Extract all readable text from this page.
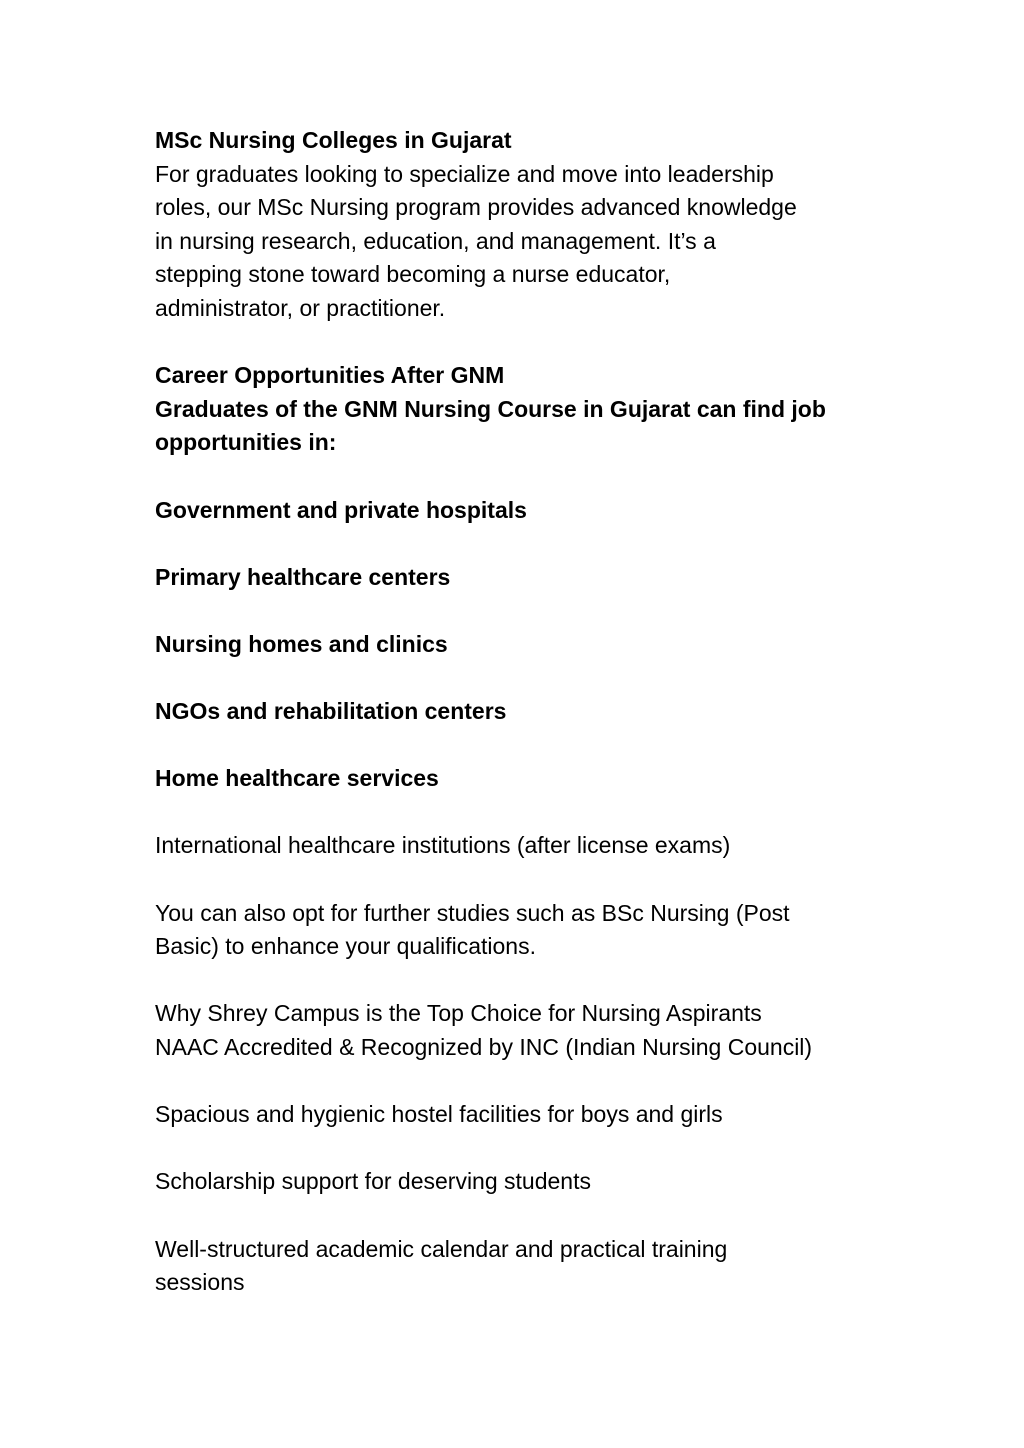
MSc Nursing Colleges in Gujarat

For graduates looking to specialize and move into leadership

roles, our MSc Nursing program provides advanced knowledge

in nursing research, education, and management. It’s a

stepping stone toward becoming a nurse educator,

administrator, or practitioner.

Career Opportunities After GNM

Graduates of the GNM Nursing Course in Gujarat can find job

opportunities in:

Government and private hospitals

Primary healthcare centers

Nursing homes and clinics

NGOs and rehabilitation centers

Home healthcare services

International healthcare institutions (after license exams)

You can also opt for further studies such as BSc Nursing (Post

Basic) to enhance your qualifications.

Why Shrey Campus is the Top Choice for Nursing Aspirants

NAAC Accredited & Recognized by INC (Indian Nursing Council)

Spacious and hygienic hostel facilities for boys and girls

Scholarship support for deserving students

Well-structured academic calendar and practical training

sessions
